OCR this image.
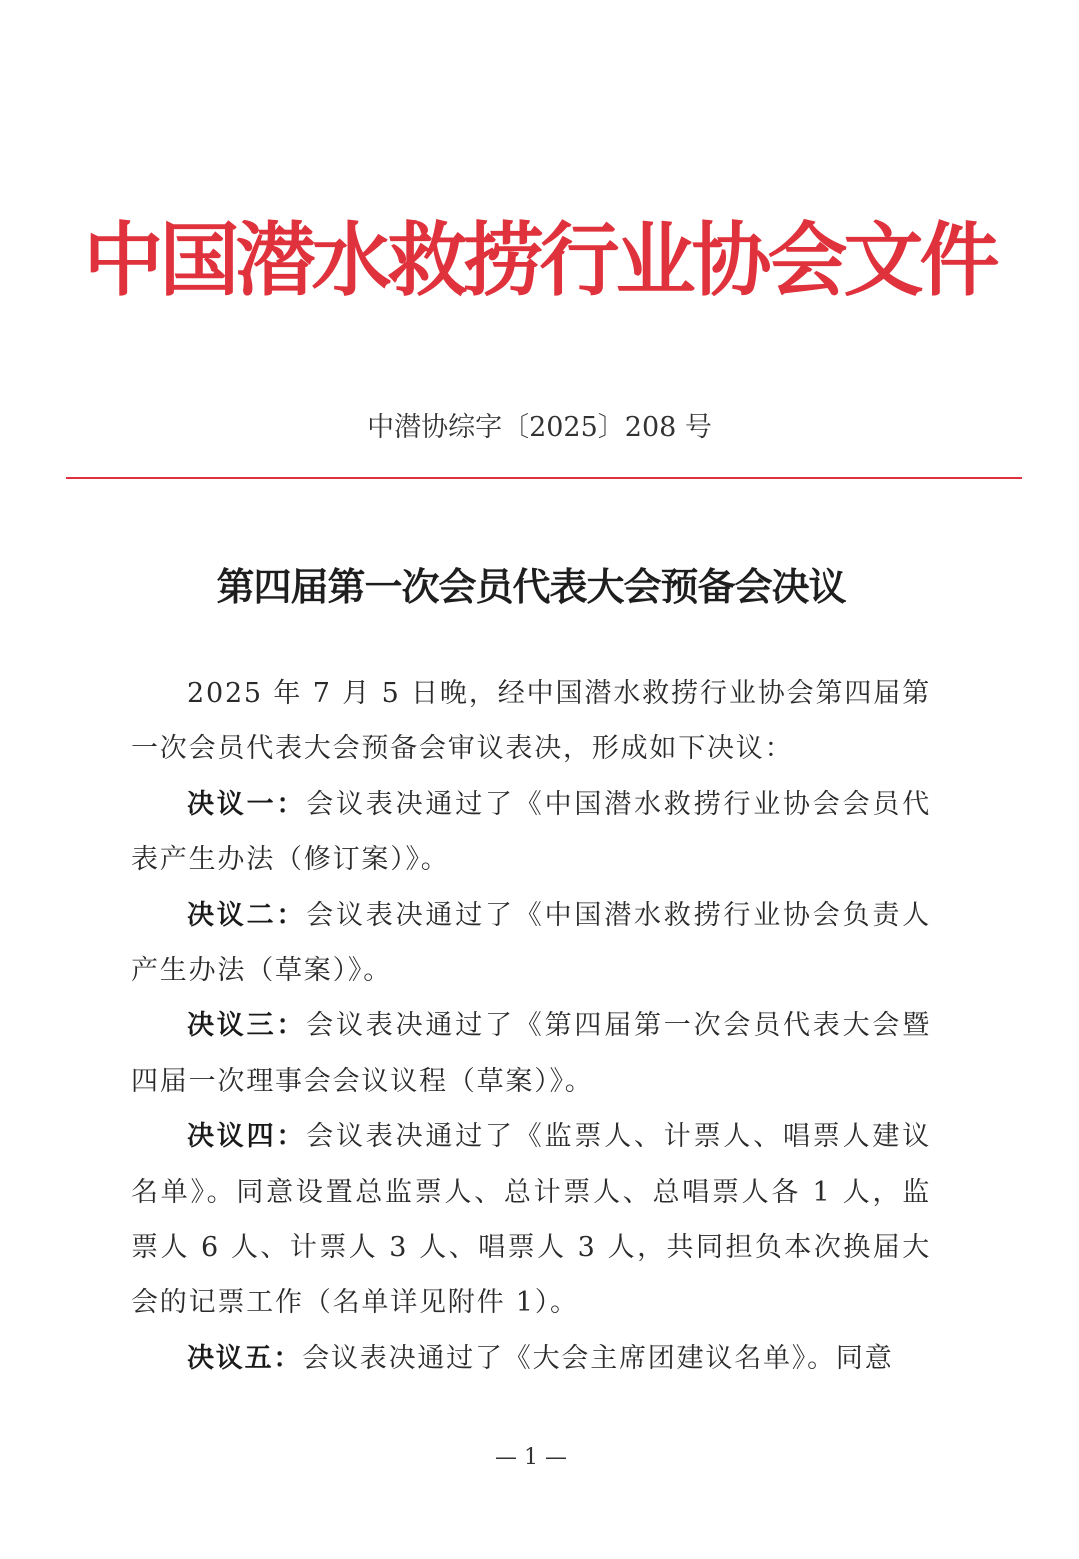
中国潜水救捞行业协会文件
中潜协综字〔2025〕208 号
第四届第一次会员代表大会预备会决议

2025 年 7 月 5 日晚，经中国潜水救捞行业协会第四届第一次会员代表大会预备会审议表决，形成如下决议：

决议一：会议表决通过了《中国潜水救捞行业协会会员代表产生办法（修订案）》。

决议二：会议表决通过了《中国潜水救捞行业协会负责人产生办法（草案）》。

决议三：会议表决通过了《第四届第一次会员代表大会暨四届一次理事会会议议程（草案）》。

决议四：会议表决通过了《监票人、计票人、唱票人建议名单》。同意设置总监票人、总计票人、总唱票人各 1 人，监票人 6 人、计票人 3 人、唱票人 3 人，共同担负本次换届大会的记票工作（名单详见附件 1）。

决议五：会议表决通过了《大会主席团建议名单》。同意

— 1 —
